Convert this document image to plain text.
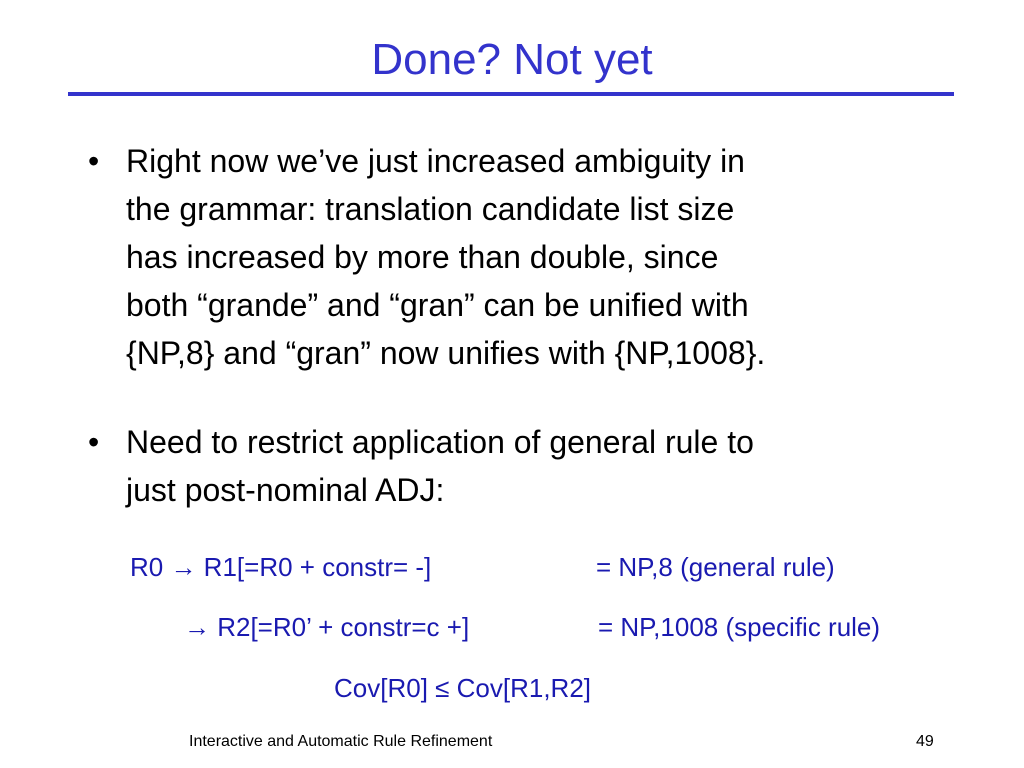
Done? Not yet
• Right now we’ve just increased ambiguity in
the grammar: translation candidate list size
has increased by more than double, since
both “grande” and “gran” can be unified with
{NP,8} and “gran” now unifies with {NP,1008}.
• Need to restrict application of general rule to
just post-nominal ADJ:
R0 → R1[=R0 + constr= -]	= NP,8 (general rule)
→ R2[=R0’ + constr=c +]	= NP,1008 (specific rule)
Cov[R0] ≤ Cov[R1,R2]
Interactive and Automatic Rule Refinement	49
